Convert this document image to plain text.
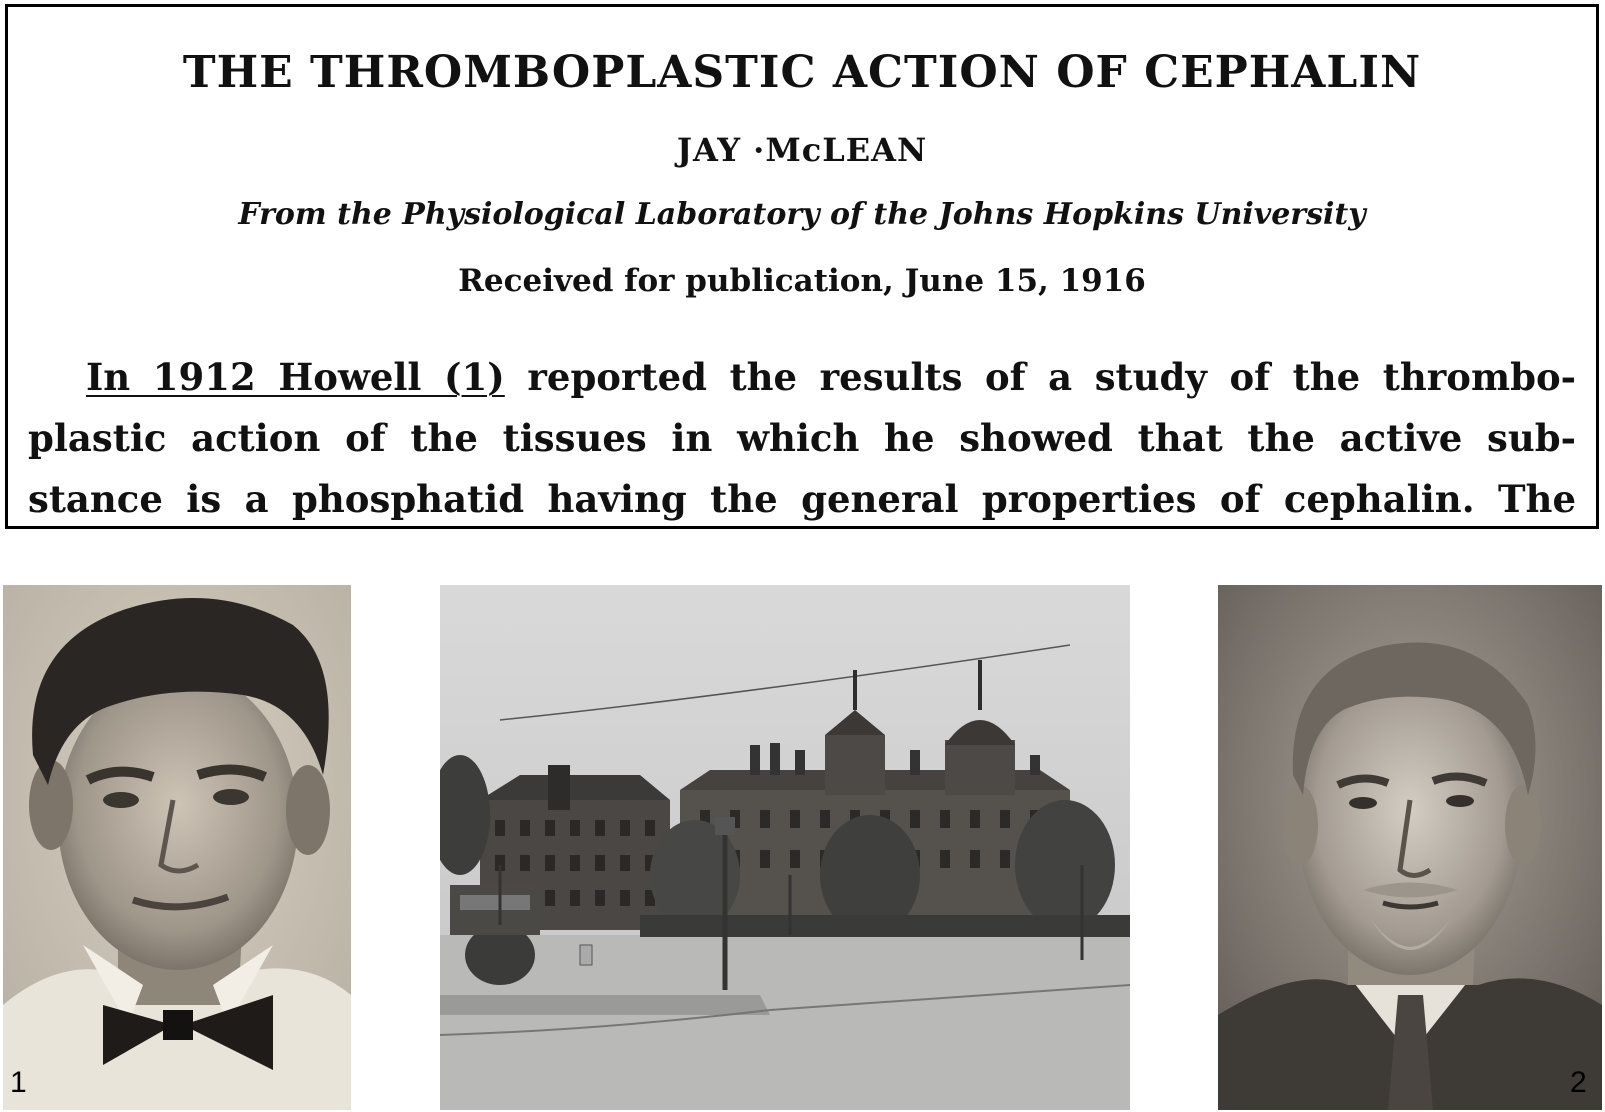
THE THROMBOPLASTIC ACTION OF CEPHALIN
JAY ·McLEAN
From the Physiological Laboratory of the Johns Hopkins University
Received for publication, June 15, 1916
In 1912 Howell (1) reported the results of a study of the thrombo-
plastic action of the tissues in which he showed that the active sub-
stance is a phosphatid having the general properties of cephalin. The
1	2
